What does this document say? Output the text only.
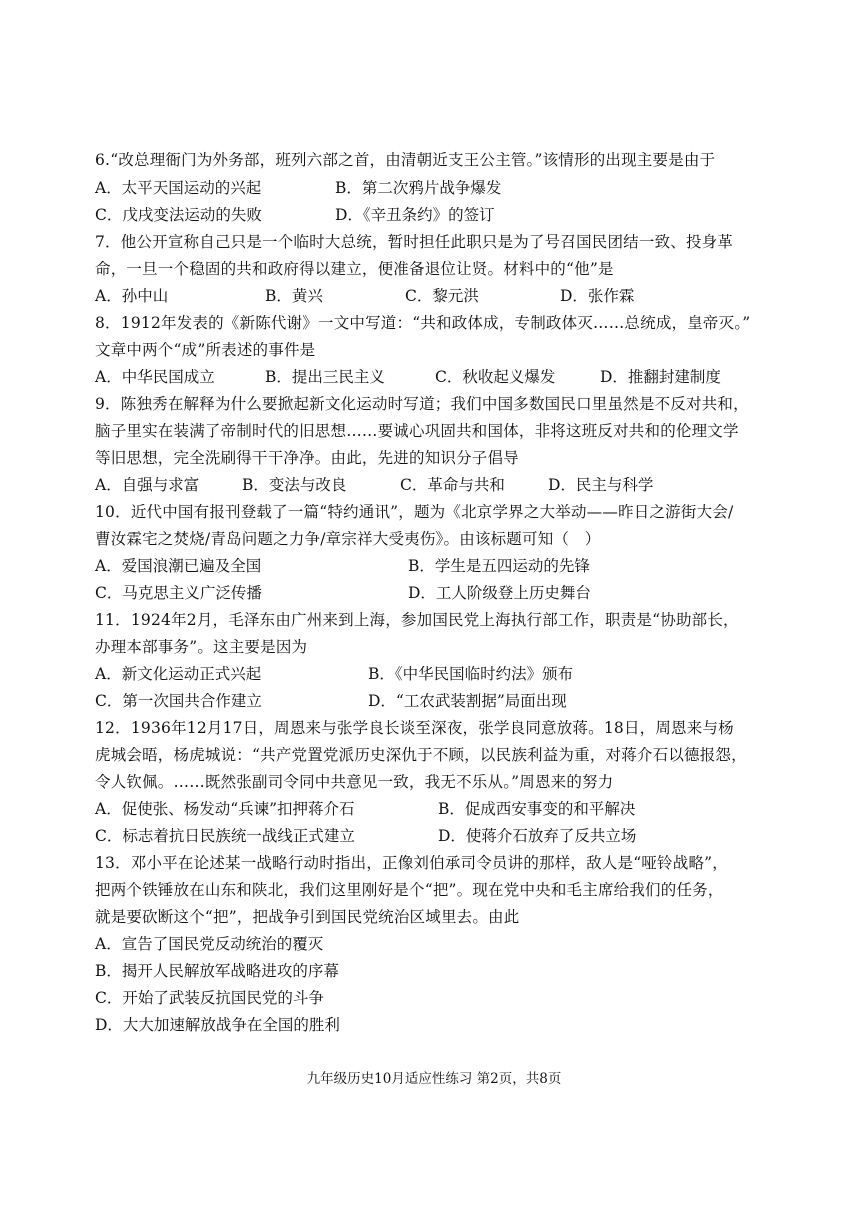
6.“改总理衙门为外务部，班列六部之首，由清朝近支王公主管。”该情形的出现主要是由于
A．太平天国运动的兴起	B．第二次鸦片战争爆发
C．戊戌变法运动的失败	D．《辛丑条约》的签订
7．他公开宣称自己只是一个临时大总统，暂时担任此职只是为了号召国民团结一致、投身革
命，一旦一个稳固的共和政府得以建立，便准备退位让贤。材料中的“他”是
A．孙中山	B．黄兴	C．黎元洪	D．张作霖
8．1912年发表的《新陈代谢》一文中写道：“共和政体成，专制政体灭……总统成，皇帝灭。”
文章中两个“成”所表述的事件是
A．中华民国成立	B．提出三民主义	C．秋收起义爆发	D．推翻封建制度
9．陈独秀在解释为什么要掀起新文化运动时写道；我们中国多数国民口里虽然是不反对共和，
脑子里实在装满了帝制时代的旧思想……要诚心巩固共和国体，非将这班反对共和的伦理文学
等旧思想，完全洗刷得干干净净。由此，先进的知识分子倡导
A．自强与求富	B．变法与改良	C．革命与共和	D．民主与科学
10．近代中国有报刊登载了一篇“特约通讯”，题为《北京学界之大举动——昨日之游街大会/
曹汝霖宅之焚烧/青岛问题之力争/章宗祥大受夷伤》。由该标题可知（　）
A．爱国浪潮已遍及全国	B．学生是五四运动的先锋
C．马克思主义广泛传播	D．工人阶级登上历史舞台
11．1924年2月，毛泽东由广州来到上海，参加国民党上海执行部工作，职责是“协助部长，
办理本部事务”。这主要是因为
A．新文化运动正式兴起	B．《中华民国临时约法》颁布
C．第一次国共合作建立	D．“工农武装割据”局面出现
12．1936年12月17日，周恩来与张学良长谈至深夜，张学良同意放蒋。18日，周恩来与杨
虎城会晤，杨虎城说：“共产党置党派历史深仇于不顾，以民族利益为重，对蒋介石以德报怨，
令人钦佩。……既然张副司令同中共意见一致，我无不乐从。”周恩来的努力
A．促使张、杨发动“兵谏”扣押蒋介石	B．促成西安事变的和平解决
C．标志着抗日民族统一战线正式建立	D．使蒋介石放弃了反共立场
13．邓小平在论述某一战略行动时指出，正像刘伯承司令员讲的那样，敌人是“哑铃战略”，
把两个铁锤放在山东和陕北，我们这里刚好是个“把”。现在党中央和毛主席给我们的任务，
就是要砍断这个“把”，把战争引到国民党统治区域里去。由此
A．宣告了国民党反动统治的覆灭
B．揭开人民解放军战略进攻的序幕
C．开始了武装反抗国民党的斗争
D．大大加速解放战争在全国的胜利
九年级历史10月适应性练习 第2页，共8页
